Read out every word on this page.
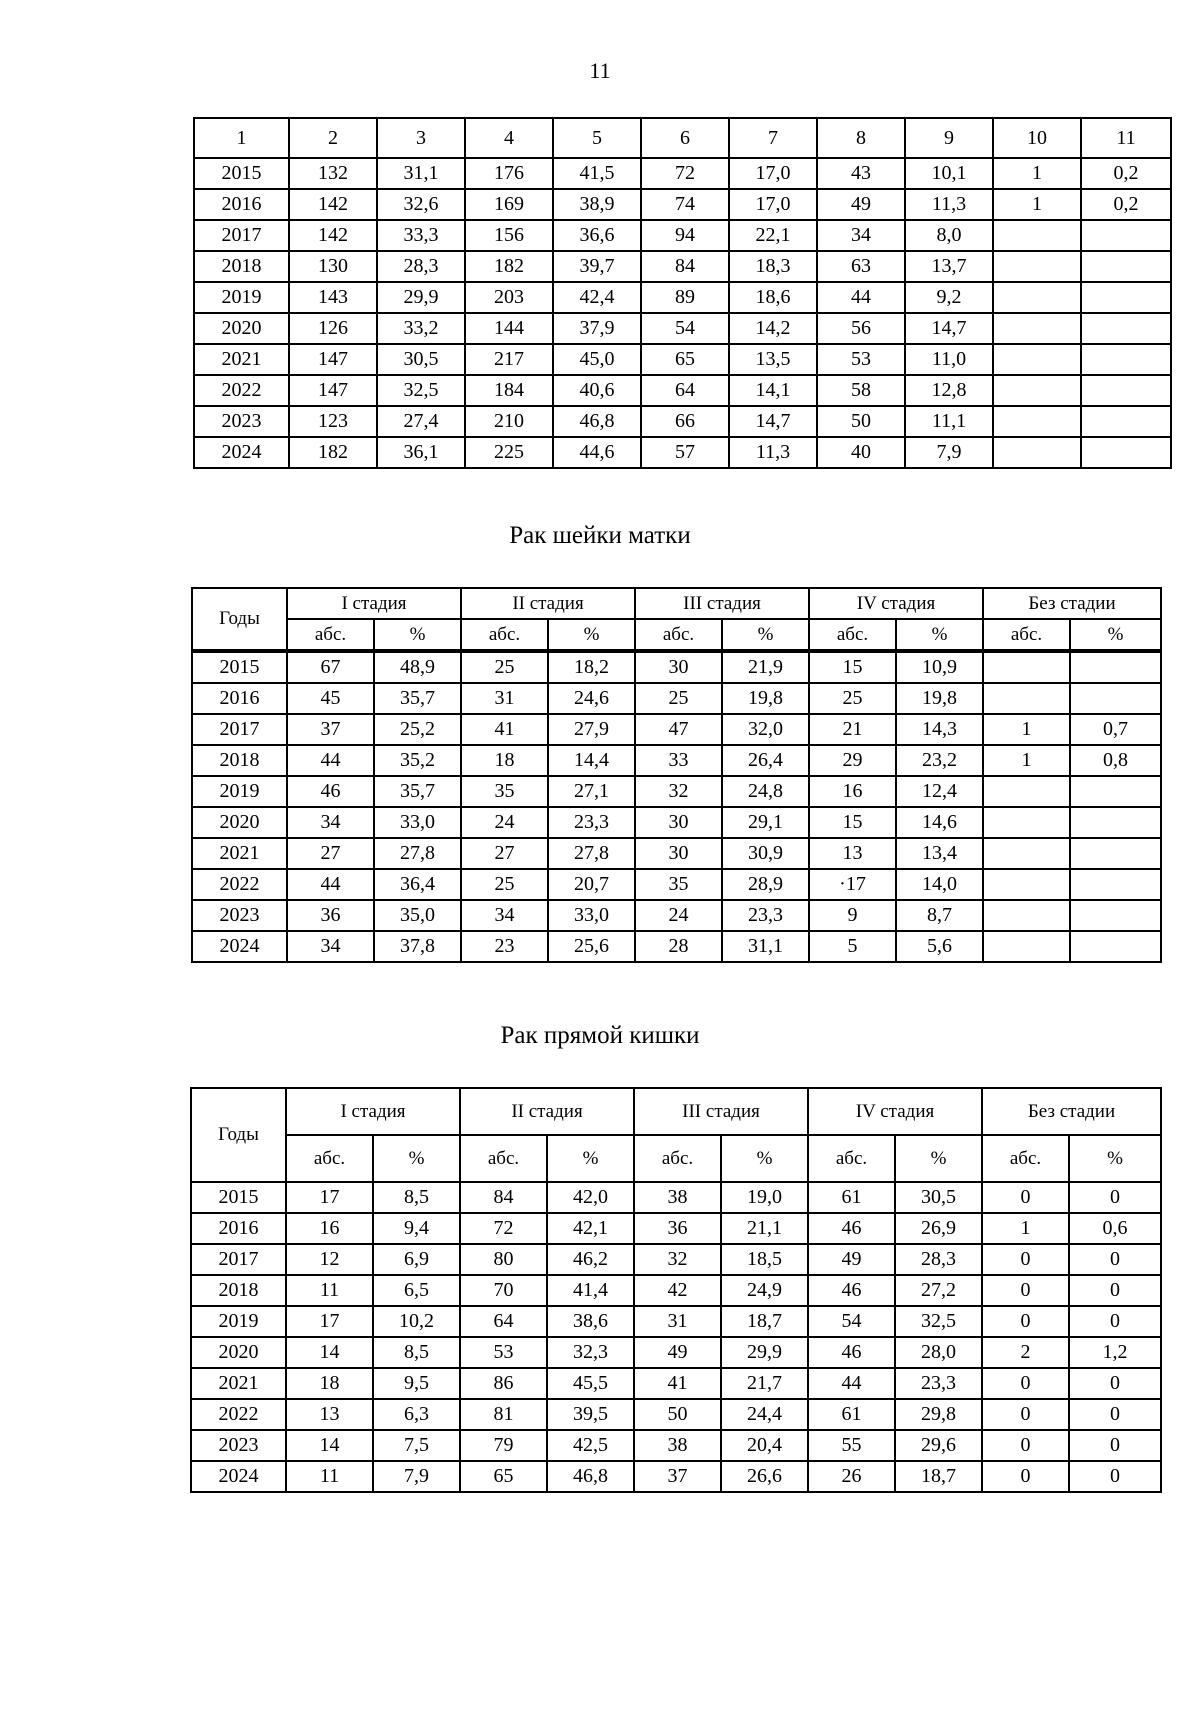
11
1	2	3	4	5	6	7	8	9	10	11
2015	132	31,1	176	41,5	72	17,0	43	10,1	1	0,2
2016	142	32,6	169	38,9	74	17,0	49	11,3	1	0,2
2017	142	33,3	156	36,6	94	22,1	34	8,0		
2018	130	28,3	182	39,7	84	18,3	63	13,7		
2019	143	29,9	203	42,4	89	18,6	44	9,2		
2020	126	33,2	144	37,9	54	14,2	56	14,7		
2021	147	30,5	217	45,0	65	13,5	53	11,0		
2022	147	32,5	184	40,6	64	14,1	58	12,8		
2023	123	27,4	210	46,8	66	14,7	50	11,1		
2024	182	36,1	225	44,6	57	11,3	40	7,9		
Рак шейки матки
Годы	I стадия		II стадия		III стадия		IV стадия		Без стадии	
	абс.	%	абс.	%	абс.	%	абс.	%	абс.	%
2015	67	48,9	25	18,2	30	21,9	15	10,9		
2016	45	35,7	31	24,6	25	19,8	25	19,8		
2017	37	25,2	41	27,9	47	32,0	21	14,3	1	0,7
2018	44	35,2	18	14,4	33	26,4	29	23,2	1	0,8
2019	46	35,7	35	27,1	32	24,8	16	12,4		
2020	34	33,0	24	23,3	30	29,1	15	14,6		
2021	27	27,8	27	27,8	30	30,9	13	13,4		
2022	44	36,4	25	20,7	35	28,9	·17	14,0		
2023	36	35,0	34	33,0	24	23,3	9	8,7		
2024	34	37,8	23	25,6	28	31,1	5	5,6		
Рак прямой кишки
Годы	I стадия		II стадия		III стадия		IV стадия		Без стадии	
	абс.	%	абс.	%	абс.	%	абс.	%	абс.	%
2015	17	8,5	84	42,0	38	19,0	61	30,5	0	0
2016	16	9,4	72	42,1	36	21,1	46	26,9	1	0,6
2017	12	6,9	80	46,2	32	18,5	49	28,3	0	0
2018	11	6,5	70	41,4	42	24,9	46	27,2	0	0
2019	17	10,2	64	38,6	31	18,7	54	32,5	0	0
2020	14	8,5	53	32,3	49	29,9	46	28,0	2	1,2
2021	18	9,5	86	45,5	41	21,7	44	23,3	0	0
2022	13	6,3	81	39,5	50	24,4	61	29,8	0	0
2023	14	7,5	79	42,5	38	20,4	55	29,6	0	0
2024	11	7,9	65	46,8	37	26,6	26	18,7	0	0
